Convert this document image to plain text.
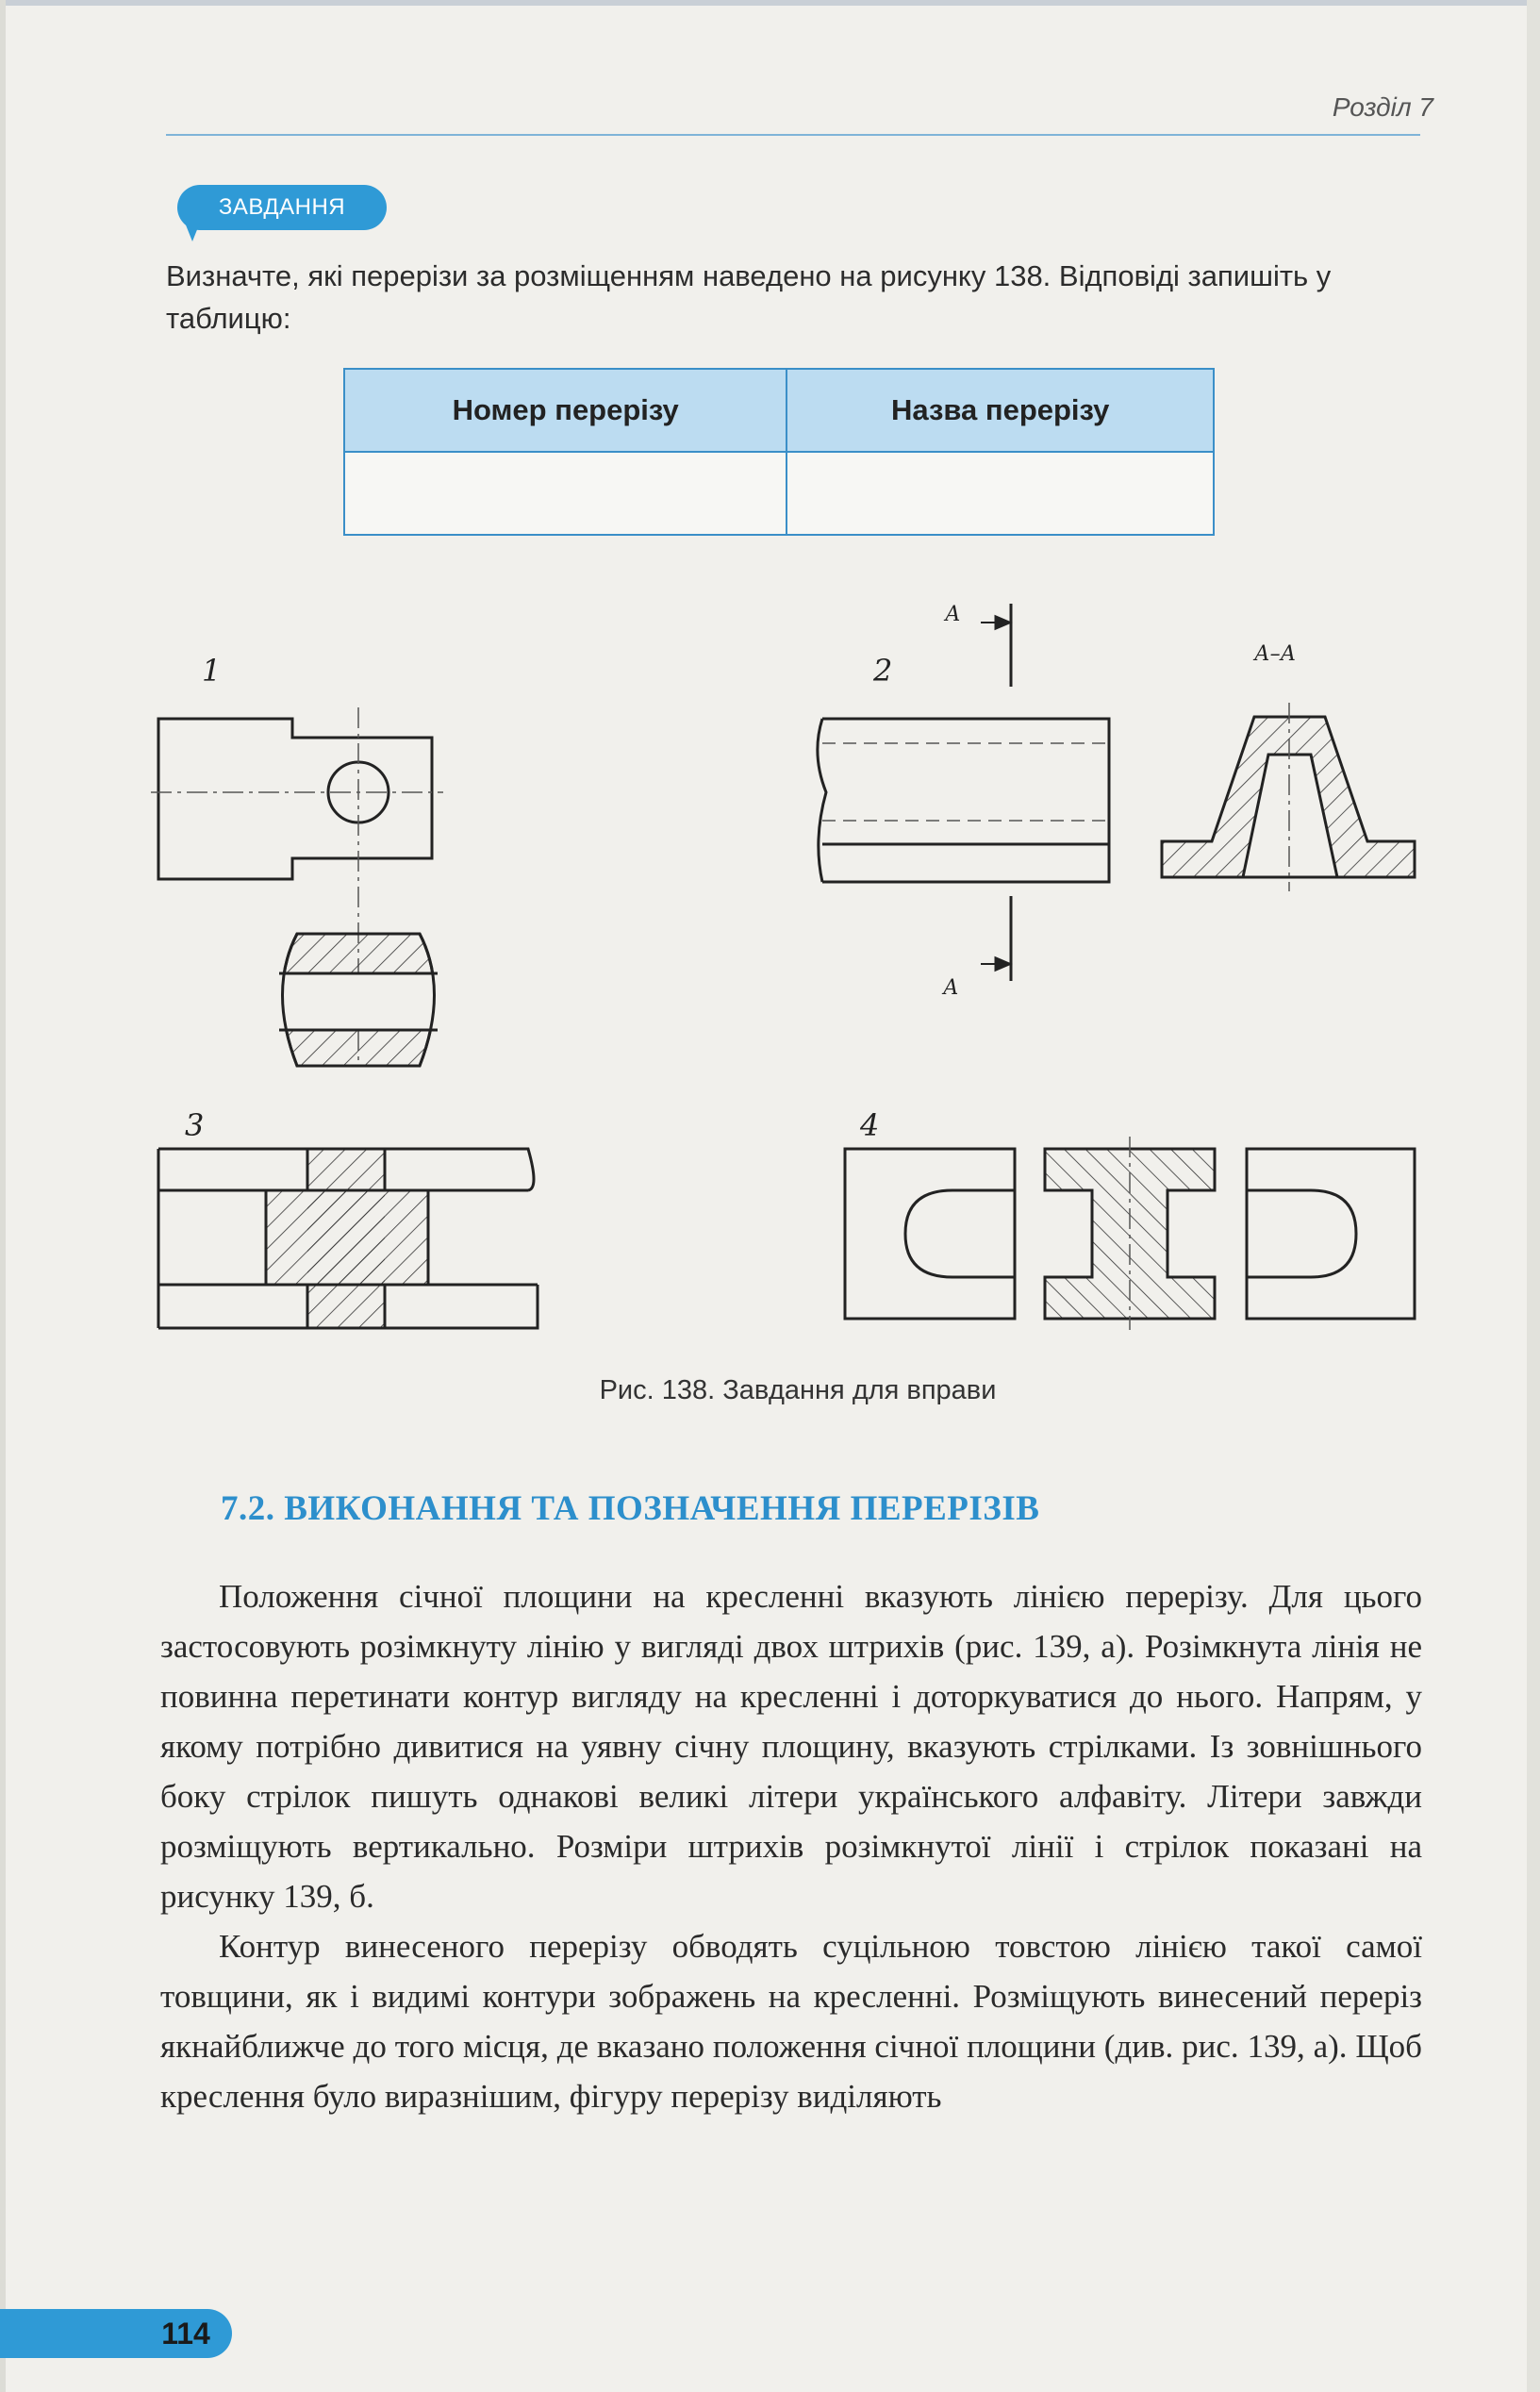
Розділ 7
ЗАВДАННЯ
Визначте, які перерізи за розміщенням наведено на рисунку 138. Відповіді запишіть у таблицю:
Номер перерізу	Назва перерізу

1	2
А
А
А–А
3	4
Рис. 138. Завдання для вправи
7.2. ВИКОНАННЯ ТА ПОЗНАЧЕННЯ ПЕРЕРІЗІВ

Положення січної площини на кресленні вказують лінією перерізу. Для цього застосовують розімкнуту лінію у вигляді двох штрихів (рис. 139, а). Розімкнута лінія не повинна перетинати контур вигляду на кресленні і доторкуватися до нього. Напрям, у якому потрібно дивитися на уявну січну площину, вказують стрілками. Із зовнішнього боку стрілок пишуть однакові великі літери українського алфавіту. Літери завжди розміщують вертикально. Розміри штрихів розімкнутої лінії і стрілок показані на рисунку 139, б.

Контур винесеного перерізу обводять суцільною товстою лінією такої самої товщини, як і видимі контури зображень на кресленні. Розміщують винесений переріз якнайближче до того місця, де вказано положення січної площини (див. рис. 139, а). Щоб креслення було виразнішим, фігуру перерізу виділяють

114
